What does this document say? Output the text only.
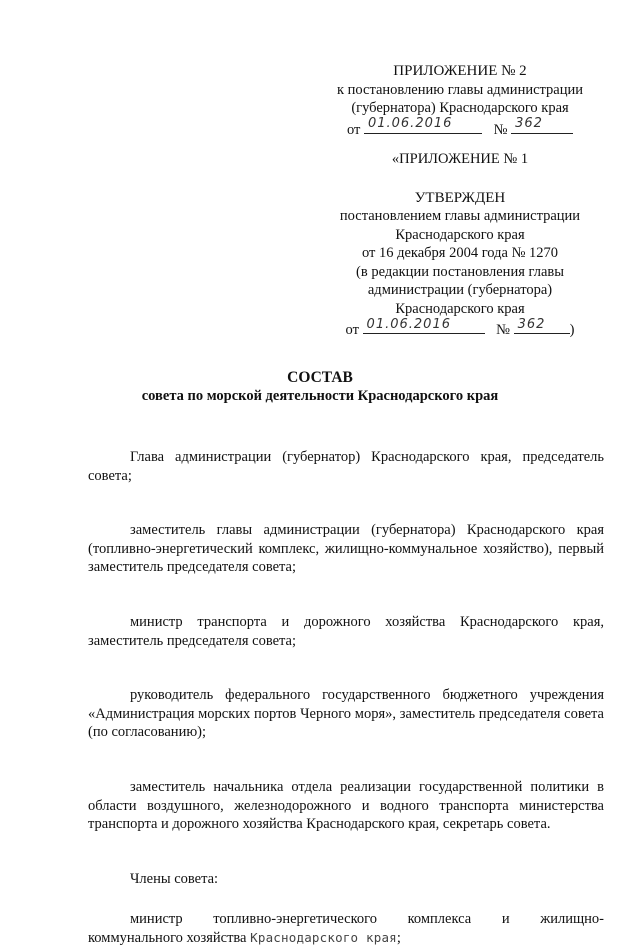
ПРИЛОЖЕНИЕ № 2
к постановлению главы администрации
(губернатора) Краснодарского края
от 01.06.2016	№ 362
«ПРИЛОЖЕНИЕ № 1
УТВЕРЖДЕН
постановлением главы администрации
Краснодарского края
от 16 декабря 2004 года № 1270
(в редакции постановления главы
администрации (губернатора)
Краснодарского края
от 01.06.2016	№ 362 )
СОСТАВ
совета по морской деятельности Краснодарского края

Глава администрации (губернатор) Краснодарского края, председатель совета;

заместитель главы администрации (губернатора) Краснодарского края (топливно-энергетический комплекс, жилищно-коммунальное хозяйство), первый заместитель председателя совета;

министр транспорта и дорожного хозяйства Краснодарского края, заместитель председателя совета;

руководитель федерального государственного бюджетного учреждения «Администрация морских портов Черного моря», заместитель председателя совета (по согласованию);

заместитель начальника отдела реализации государственной политики в области воздушного, железнодорожного и водного транспорта министерства транспорта и дорожного хозяйства Краснодарского края, секретарь совета.

Члены совета:

министр топливно-энергетического комплекса и жилищно-
коммунального хозяйства Краснодарского края;
